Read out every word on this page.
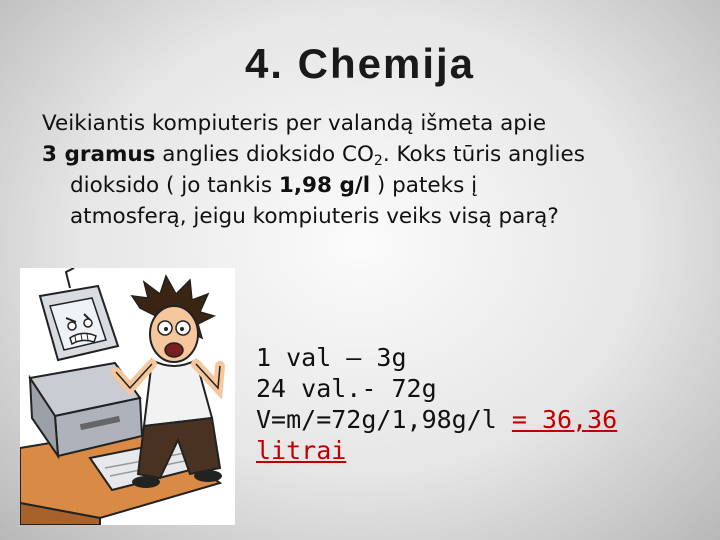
4. Chemija
Veikiantis kompiuteris per valandą išmeta apie
3 gramus anglies dioksido $CO_2$. Koks tūris anglies
dioksido ( jo tankis 1,98 g/l ) pateks į
atmosferą, jeigu kompiuteris veiks visą parą?
1 val – 3g
24 val.- 72g
V=m/=72g/1,98g/l = 36,36
litrai
